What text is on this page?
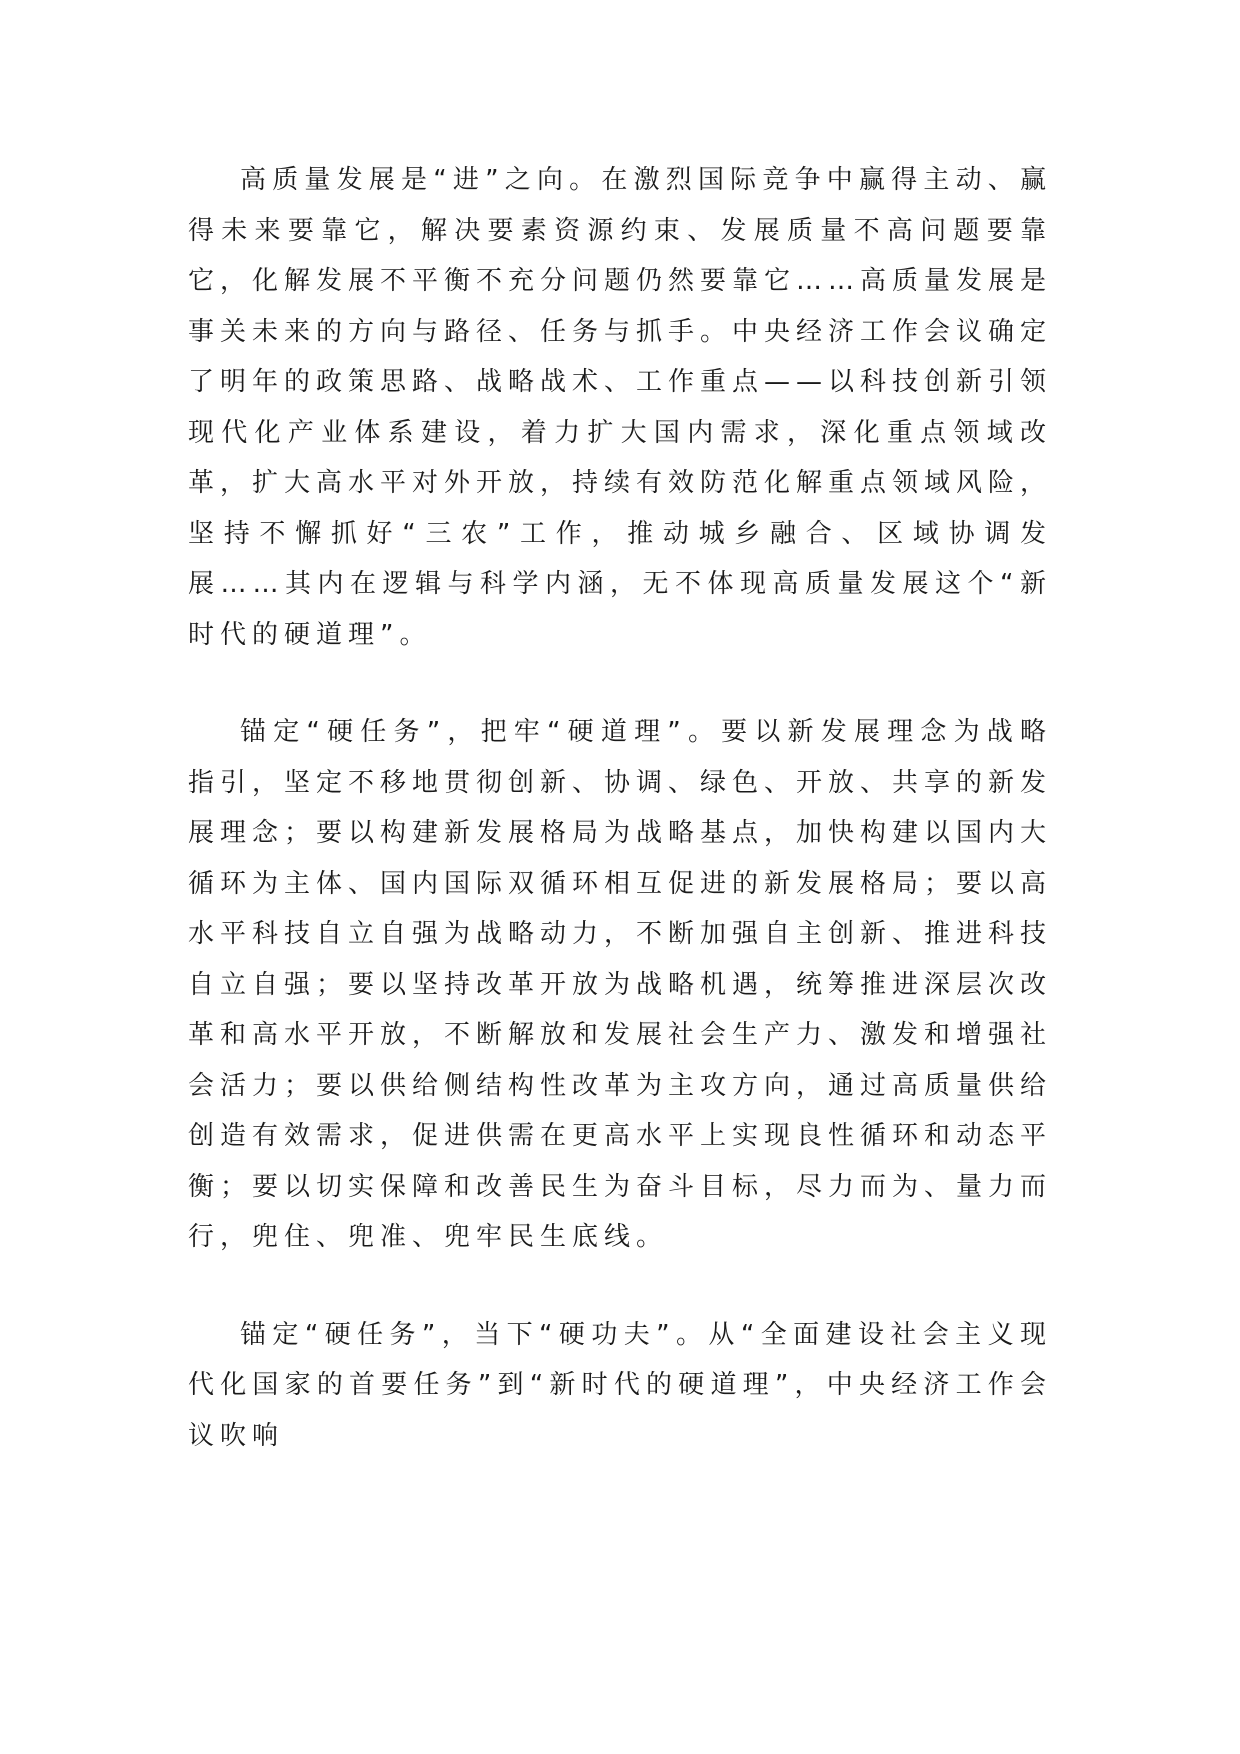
高质量发展是“进”之向。在激烈国际竞争中赢得主动、赢得未来要靠它，解决要素资源约束、发展质量不高问题要靠它，化解发展不平衡不充分问题仍然要靠它……高质量发展是事关未来的方向与路径、任务与抓手。中央经济工作会议确定了明年的政策思路、战略战术、工作重点——以科技创新引领现代化产业体系建设，着力扩大国内需求，深化重点领域改革，扩大高水平对外开放，持续有效防范化解重点领域风险，坚持不懈抓好“三农”工作，推动城乡融合、区域协调发展……其内在逻辑与科学内涵，无不体现高质量发展这个“新时代的硬道理”。

锚定“硬任务”，把牢“硬道理”。要以新发展理念为战略指引，坚定不移地贯彻创新、协调、绿色、开放、共享的新发展理念；要以构建新发展格局为战略基点，加快构建以国内大循环为主体、国内国际双循环相互促进的新发展格局；要以高水平科技自立自强为战略动力，不断加强自主创新、推进科技自立自强；要以坚持改革开放为战略机遇，统筹推进深层次改革和高水平开放，不断解放和发展社会生产力、激发和增强社会活力；要以供给侧结构性改革为主攻方向，通过高质量供给创造有效需求，促进供需在更高水平上实现良性循环和动态平衡；要以切实保障和改善民生为奋斗目标，尽力而为、量力而行，兜住、兜准、兜牢民生底线。

锚定“硬任务”，当下“硬功夫”。从“全面建设社会主义现代化国家的首要任务”到“新时代的硬道理”，中央经济工作会议吹响
